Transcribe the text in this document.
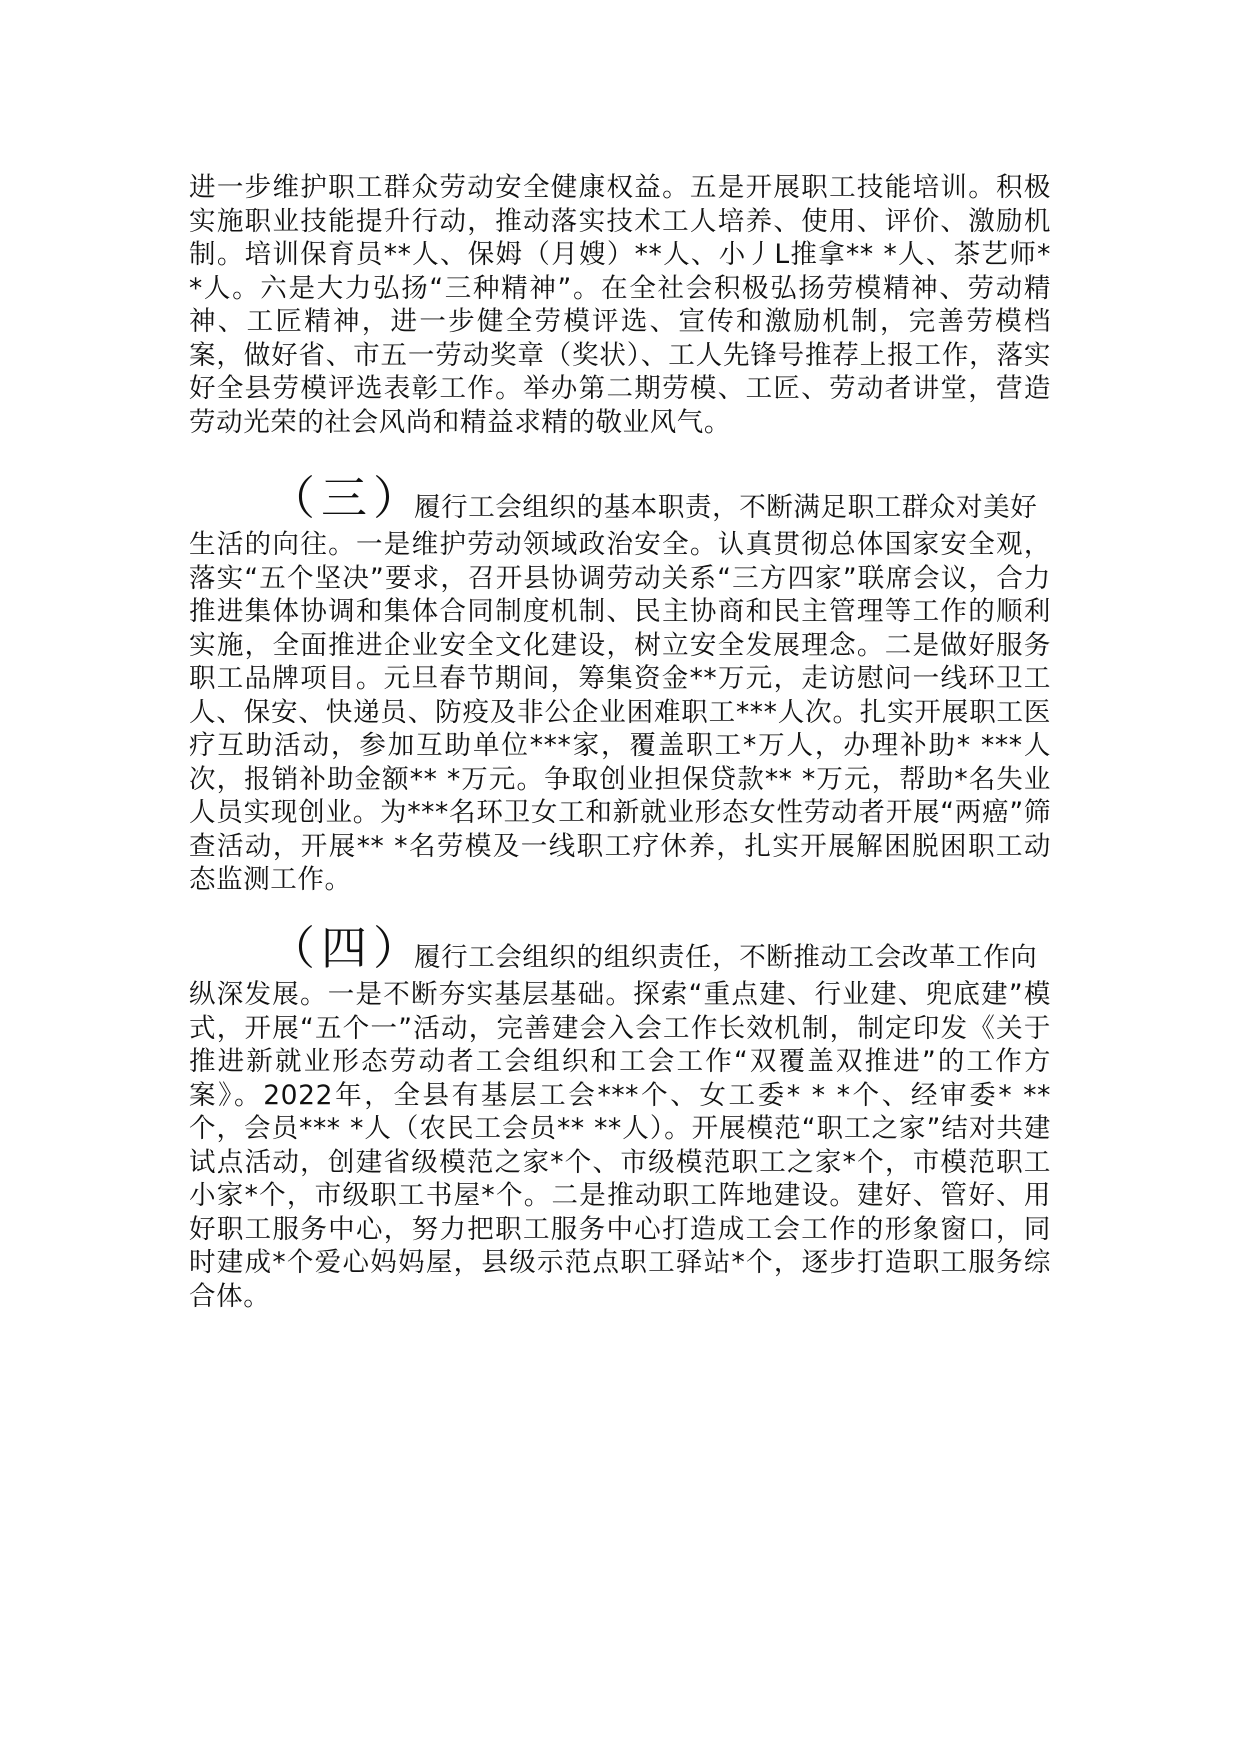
进一步维护职工群众劳动安全健康权益。五是开展职工技能培训。积极实施职业技能提升行动，推动落实技术工人培养、使用、评价、激励机制。培训保育员**人、保姆（月嫂）**人、小丿L推拿** *人、茶艺师* *人。六是大力弘扬“三种精神”。在全社会积极弘扬劳模精神、劳动精神、工匠精神，进一步健全劳模评选、宣传和激励机制，完善劳模档案，做好省、市五一劳动奖章（奖状）、工人先锋号推荐上报工作，落实好全县劳模评选表彰工作。举办第二期劳模、工匠、劳动者讲堂，营造劳动光荣的社会风尚和精益求精的敬业风气。

（三）
履行工会组织的基本职责，不断满足职工群众对美好

生活的向往。一是维护劳动领域政治安全。认真贯彻总体国家安全观，落实“五个坚决”要求，召开县协调劳动关系“三方四家”联席会议，合力推进集体协调和集体合同制度机制、民主协商和民主管理等工作的顺利实施，全面推进企业安全文化建设，树立安全发展理念。二是做好服务职工品牌项目。元旦春节期间，筹集资金**万元，走访慰问一线环卫工人、保安、快递员、防疫及非公企业困难职工***人次。扎实开展职工医疗互助活动，参加互助单位***家，覆盖职工*万人，办理补助* ***人次，报销补助金额** *万元。争取创业担保贷款** *万元，帮助*名失业人员实现创业。为***名环卫女工和新就业形态女性劳动者开展“两癌”筛查活动，开展** *名劳模及一线职工疗休养，扎实开展解困脱困职工动态监测工作。

（四）
履行工会组织的组织责任，不断推动工会改革工作向

纵深发展。一是不断夯实基层基础。探索“重点建、行业建、兜底建”模式，开展“五个一”活动，完善建会入会工作长效机制，制定印发《关于推进新就业形态劳动者工会组织和工会工作“双覆盖双推进”的工作方案》。2022年，全县有基层工会***个、女工委* * *个、经审委* ** 个，会员*** *人（农民工会员** **人）。开展模范“职工之家”结对共建试点活动，创建省级模范之家*个、市级模范职工之家*个，市模范职工小家*个，市级职工书屋*个。二是推动职工阵地建设。建好、管好、用好职工服务中心，努力把职工服务中心打造成工会工作的形象窗口，同时建成*个爱心妈妈屋，县级示范点职工驿站*个，逐步打造职工服务综合体。
